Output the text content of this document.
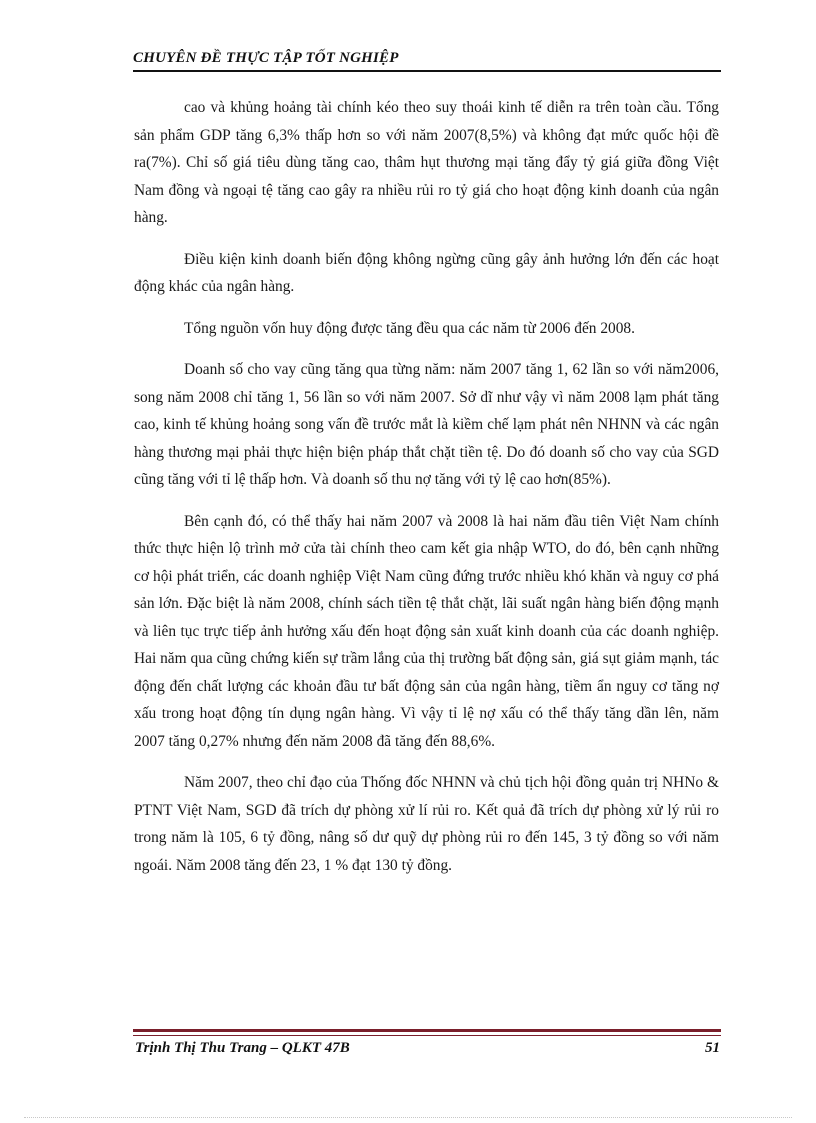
CHUYÊN ĐỀ THỰC TẬP TỐT NGHIỆP

cao và khủng hoảng tài chính kéo theo suy thoái kinh tế diễn ra trên toàn cầu. Tổng sản phẩm GDP tăng 6,3% thấp hơn so với năm 2007(8,5%) và không đạt mức quốc hội đề ra(7%). Chỉ số giá tiêu dùng tăng cao, thâm hụt thương mại tăng đẩy tỷ giá giữa đồng Việt Nam đồng và ngoại tệ tăng cao gây ra nhiều rủi ro tỷ giá cho hoạt động kinh doanh của ngân hàng.

Điều kiện kinh doanh biến động không ngừng cũng gây ảnh hưởng lớn đến các hoạt động khác của ngân hàng.

Tổng nguồn vốn huy động được tăng đều qua các năm từ 2006 đến 2008.

Doanh số cho vay cũng tăng qua từng năm: năm 2007 tăng 1, 62 lần so với năm2006, song năm 2008 chỉ tăng 1, 56 lần so với năm 2007. Sở dĩ như vậy vì năm 2008 lạm phát tăng cao, kinh tế khủng hoảng song vấn đề trước mắt là kiềm chế lạm phát nên NHNN và các ngân hàng thương mại phải thực hiện biện pháp thắt chặt tiền tệ. Do đó doanh số cho vay của SGD cũng tăng với tỉ lệ thấp hơn. Và doanh số thu nợ tăng với tỷ lệ cao hơn(85%).

Bên cạnh đó, có thể thấy hai năm 2007 và 2008 là hai năm đầu tiên Việt Nam chính thức thực hiện lộ trình mở cửa tài chính theo cam kết gia nhập WTO, do đó, bên cạnh những cơ hội phát triển, các doanh nghiệp Việt Nam cũng đứng trước nhiều khó khăn và nguy cơ phá sản lớn. Đặc biệt là năm 2008, chính sách tiền tệ thắt chặt, lãi suất ngân hàng biến động mạnh và liên tục trực tiếp ảnh hưởng xấu đến hoạt động sản xuất kinh doanh của các doanh nghiệp. Hai năm qua cũng chứng kiến sự trầm lắng của thị trường bất động sản, giá sụt giảm mạnh, tác động đến chất lượng các khoản đầu tư bất động sản của ngân hàng, tiềm ẩn nguy cơ tăng nợ xấu trong hoạt động tín dụng ngân hàng. Vì vậy tỉ lệ nợ xấu có thể thấy tăng dần lên, năm 2007 tăng 0,27% nhưng đến năm 2008 đã tăng đến 88,6%.

Năm 2007, theo chỉ đạo của Thống đốc NHNN và chủ tịch hội đồng quản trị NHNo & PTNT Việt Nam, SGD đã trích dự phòng xử lí rủi ro. Kết quả đã trích dự phòng xử lý rủi ro trong năm là 105, 6 tỷ đồng, nâng số dư quỹ dự phòng rủi ro đến 145, 3 tỷ đồng so với năm ngoái. Năm 2008 tăng đến 23, 1 % đạt 130 tỷ đồng.

Trịnh Thị Thu Trang – QLKT 47B	51
